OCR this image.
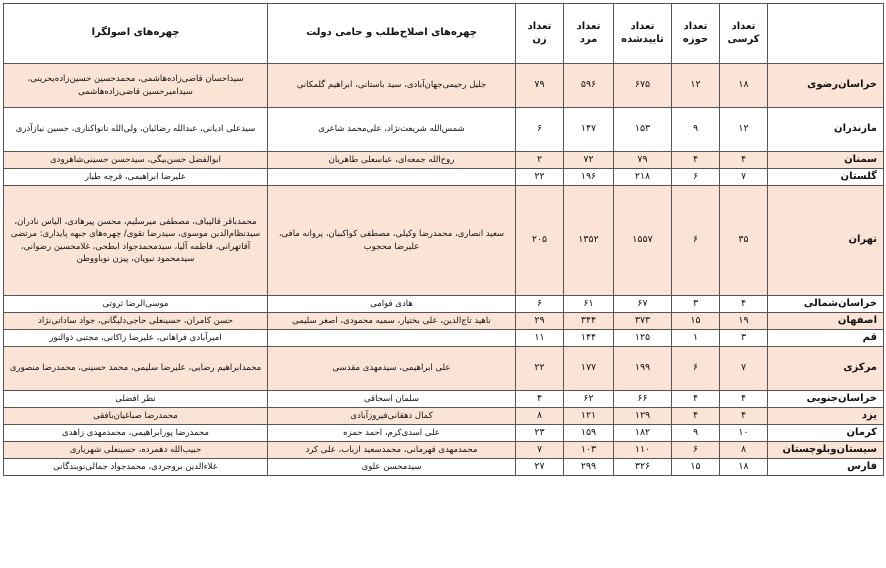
	تعداد کرسی	تعداد حوزه	تعداد تاییدشده	تعداد مرد	تعداد زن	چهره‌های اصلاح‌طلب و حامی دولت	چهره‌های اصولگرا
خراسان‌رضوی	۱۸	۱۲	۶۷۵	۵۹۶	۷۹	جلیل رحیمی‌جهان‌آبادی، سید باستانی، ابراهیم گلمکانی	سیداحسان قاضی‌زاده‌هاشمی، محمدحسین حسین‌زاده‌بحرینی، سیدامیرحسین قاضی‌زاده‌هاشمی
مازندران	۱۲	۹	۱۵۳	۱۴۷	۶	شمس‌الله شریعت‌نژاد، علی‌محمد شاعری	سیدعلی ادیانی، عبدالله رضائیان، ولی‌الله نانواکناری، حسین نیازآذری
سمنان	۴	۴	۷۹	۷۲	۲	روح‌الله جمعه‌ای، عباسعلی طاهریان	ابوالفضل حسن‌بیگی، سیدحسن حسینی‌شاهرودی
گلستان	۷	۶	۲۱۸	۱۹۶	۲۲		علیرضا ابراهیمی، قرچه طیار
تهران	۳۵	۶	۱۵۵۷	۱۳۵۲	۲۰۵	سعید انصاری، محمدرضا وکیلی، مصطفی کواکبیان، پروانه مافی، علیرضا محجوب	محمدباقر قالیباف، مصطفی میرسلیم، محسن پیرهادی، الیاس نادران، سیدنظام‌الدین موسوی، سیدرضا تقوی/ چهره‌های جبهه پایداری: مرتضی آقاتهرانی، فاطمه آلیا، سیدمحمدجواد ابطحی، غلامحسین رضوانی، سیدمحمود نبویان، پیزن نوباووطن
خراسان‌شمالی	۴	۳	۶۷	۶۱	۶	هادی قوامی	موسی‌الرضا ثروتی
اصفهان	۱۹	۱۵	۳۷۳	۳۴۴	۲۹	ناهید تاج‌الدین، علی بختیار، سمیه محمودی، اصغر سلیمی	حسن کامران، حسینعلی حاجی‌دلیگانی، جواد ساداتی‌نژاد
قم	۳	۱	۱۲۵	۱۴۴	۱۱		امیرآبادی فراهانی، علیرضا زاکانی، مجتبی ذوالنور
مرکزی	۷	۶	۱۹۹	۱۷۷	۲۲	علی ابراهیمی، سیدمهدی مقدسی	محمدابراهیم رضایی، علیرضا سلیمی، محمد حسینی، محمدرضا منصوری
خراسان‌جنوبی	۴	۴	۶۶	۶۲	۴	سلمان اسحاقی	نظر افضلی
یزد	۴	۴	۱۲۹	۱۲۱	۸	کمال دهقانی‌فیروزآبادی	محمدرضا صباغیان‌بافقی
کرمان	۱۰	۹	۱۸۲	۱۵۹	۲۳	علی اسدی‌کرم، احمد حمزه	محمدرضا پورابراهیمی، محمدمهدی زاهدی
سیستان‌وبلوچستان	۸	۶	۱۱۰	۱۰۳	۷	محمدمهدی قهرمانی، محمدسعید ارباب، علی کرد	حبیب‌الله دهمرده، حسینعلی شهریاری
فارس	۱۸	۱۵	۳۲۶	۲۹۹	۲۷	سیدمحسن علوی	علاءالدین بروجردی، محمدجواد جمالی‌نوبندگانی
